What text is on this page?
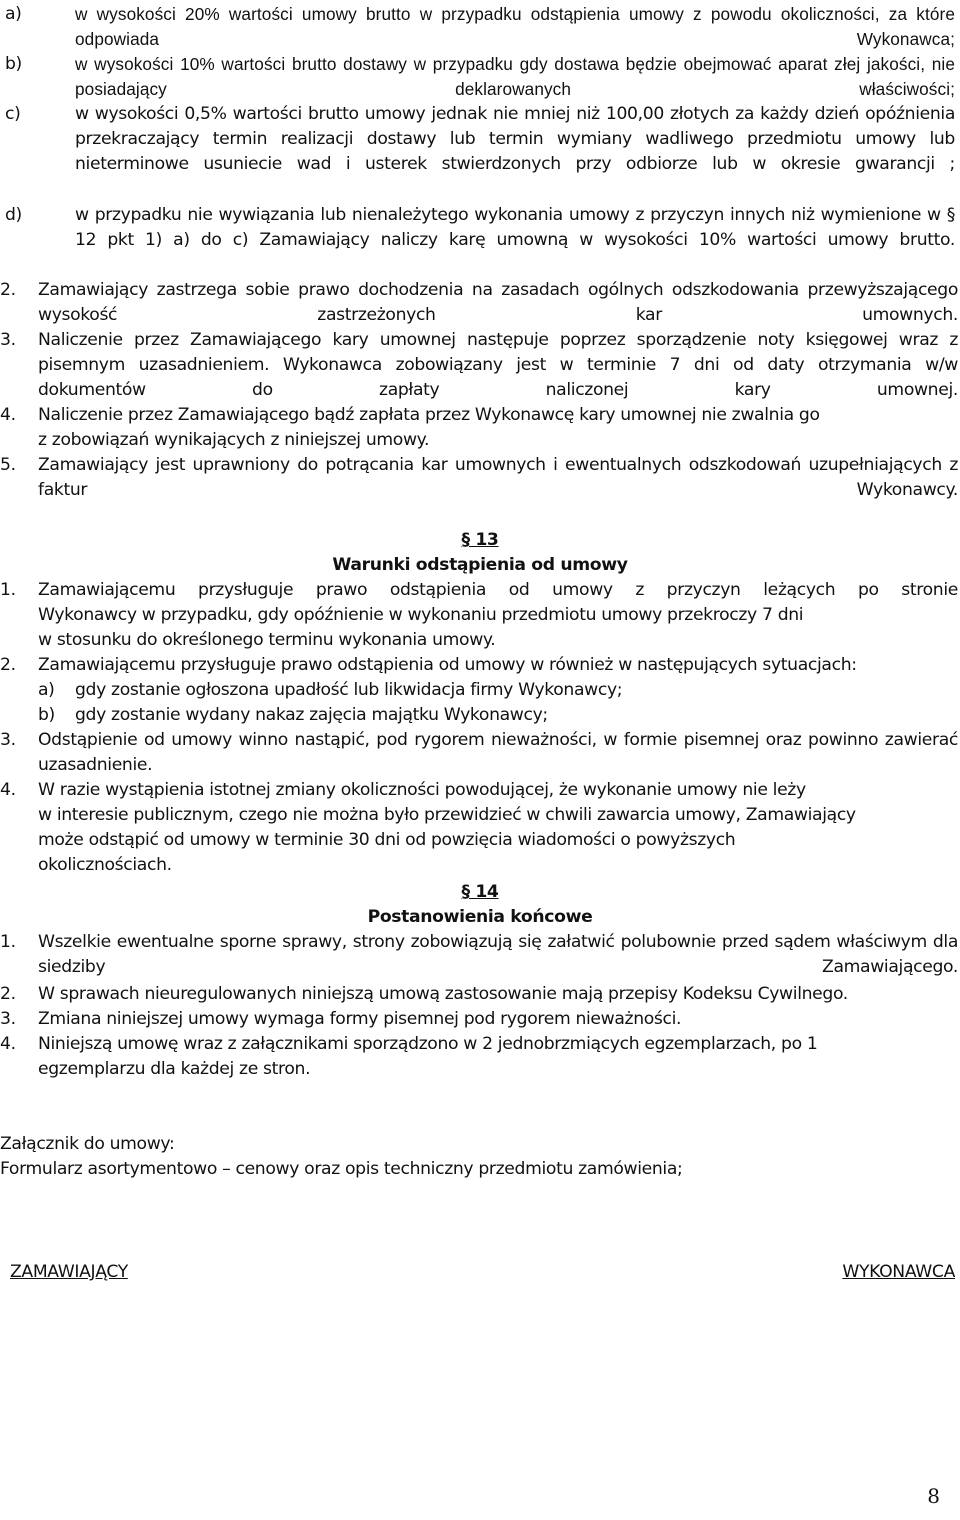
a)	w wysokości 20% wartości umowy brutto w przypadku odstąpienia umowy z powodu okoliczności, za które odpowiada Wykonawca;

b)	w wysokości 10% wartości brutto dostawy w przypadku gdy dostawa będzie obejmować aparat złej jakości, nie posiadający deklarowanych właściwości;

c)	w wysokości 0,5% wartości brutto umowy jednak nie mniej niż 100,00 złotych za każdy dzień opóźnienia przekraczający termin realizacji dostawy lub termin wymiany wadliwego przedmiotu umowy lub nieterminowe usuniecie wad i usterek stwierdzonych przy odbiorze lub w okresie gwarancji ;

d)	w przypadku nie wywiązania lub nienależytego wykonania umowy z przyczyn innych niż wymienione w § 12 pkt 1) a) do c) Zamawiający naliczy karę umowną w wysokości 10% wartości umowy brutto.

2. Zamawiający zastrzega sobie prawo dochodzenia na zasadach ogólnych odszkodowania przewyższającego wysokość zastrzeżonych kar umownych.

3. Naliczenie przez Zamawiającego kary umownej następuje poprzez sporządzenie noty księgowej wraz z pisemnym uzasadnieniem. Wykonawca zobowiązany jest w terminie 7 dni od daty otrzymania w/w dokumentów do zapłaty naliczonej kary umownej.

4. Naliczenie przez Zamawiającego bądź zapłata przez Wykonawcę kary umownej nie zwalnia go

z zobowiązań wynikających z niniejszej umowy.

5. Zamawiający jest uprawniony do potrącania kar umownych i ewentualnych odszkodowań uzupełniających z faktur Wykonawcy.

§ 13

Warunki odstąpienia od umowy

1. Zamawiającemu przysługuje prawo odstąpienia od umowy z przyczyn leżących po stronie

Wykonawcy w przypadku, gdy opóźnienie w wykonaniu przedmiotu umowy przekroczy 7 dni

w stosunku do określonego terminu wykonania umowy.

2. Zamawiającemu przysługuje prawo odstąpienia od umowy w również w następujących sytuacjach:

a) gdy zostanie ogłoszona upadłość lub likwidacja firmy Wykonawcy;

b) gdy zostanie wydany nakaz zajęcia majątku Wykonawcy;

3. Odstąpienie od umowy winno nastąpić, pod rygorem nieważności, w formie pisemnej oraz powinno zawierać uzasadnienie.

4. W razie wystąpienia istotnej zmiany okoliczności powodującej, że wykonanie umowy nie leży

w interesie publicznym, czego nie można było przewidzieć w chwili zawarcia umowy, Zamawiający

może odstąpić od umowy w terminie 30 dni od powzięcia wiadomości o powyższych

okolicznościach.

§ 14

Postanowienia końcowe

1. Wszelkie ewentualne sporne sprawy, strony zobowiązują się załatwić polubownie przed sądem właściwym dla siedziby Zamawiającego.

2. W sprawach nieuregulowanych niniejszą umową zastosowanie mają przepisy Kodeksu Cywilnego.

3. Zmiana niniejszej umowy wymaga formy pisemnej pod rygorem nieważności.

4. Niniejszą umowę wraz z załącznikami sporządzono w 2 jednobrzmiących egzemplarzach, po 1

egzemplarzu dla każdej ze stron.

Załącznik do umowy:

Formularz asortymentowo – cenowy oraz opis techniczny przedmiotu zamówienia;

ZAMAWIAJĄCY	WYKONAWCA

8
